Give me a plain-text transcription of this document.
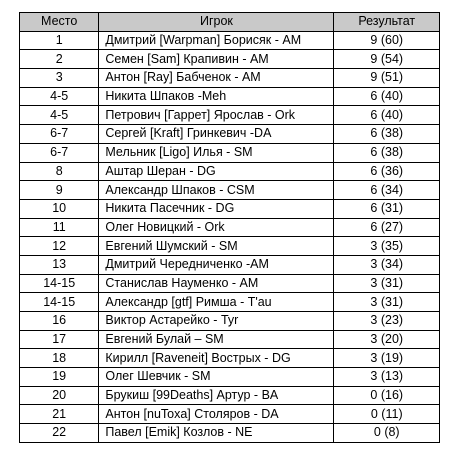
Место	Игрок	Результат
1	Дмитрий [Warpman] Борисяк - AM	9 (60)
2	Семен [Sam] Крапивин - AM	9 (54)
3	Антон [Ray] Бабченок - AM	9 (51)
4-5	Никита Шпаков -Meh	6 (40)
4-5	Петрович [Гаррет] Ярослав - Ork	6 (40)
6-7	Сергей [Kraft] Гринкевич -DA	6 (38)
6-7	Мельник [Ligo] Илья - SM	6 (38)
8	Аштар Шеран - DG	6 (36)
9	Александр Шпаков - CSM	6 (34)
10	Никита Пасечник - DG	6 (31)
11	Олег Новицкий - Ork	6 (27)
12	Евгений Шумский - SM	3 (35)
13	Дмитрий Чередниченко -AM	3 (34)
14-15	Станислав Науменко - AM	3 (31)
14-15	Александр [gtf] Римша - T'au	3 (31)
16	Виктор Астарейко - Tyr	3 (23)
17	Евгений Булай – SM	3 (20)
18	Кирилл [Raveneit] Вострых - DG	3 (19)
19	Олег Шевчик - SM	3 (13)
20	Брукиш [99Deaths] Артур - BA	0 (16)
21	Антон [nuToxa] Столяров - DA	0 (11)
22	Павел [Emik] Козлов - NE	0 (8)
